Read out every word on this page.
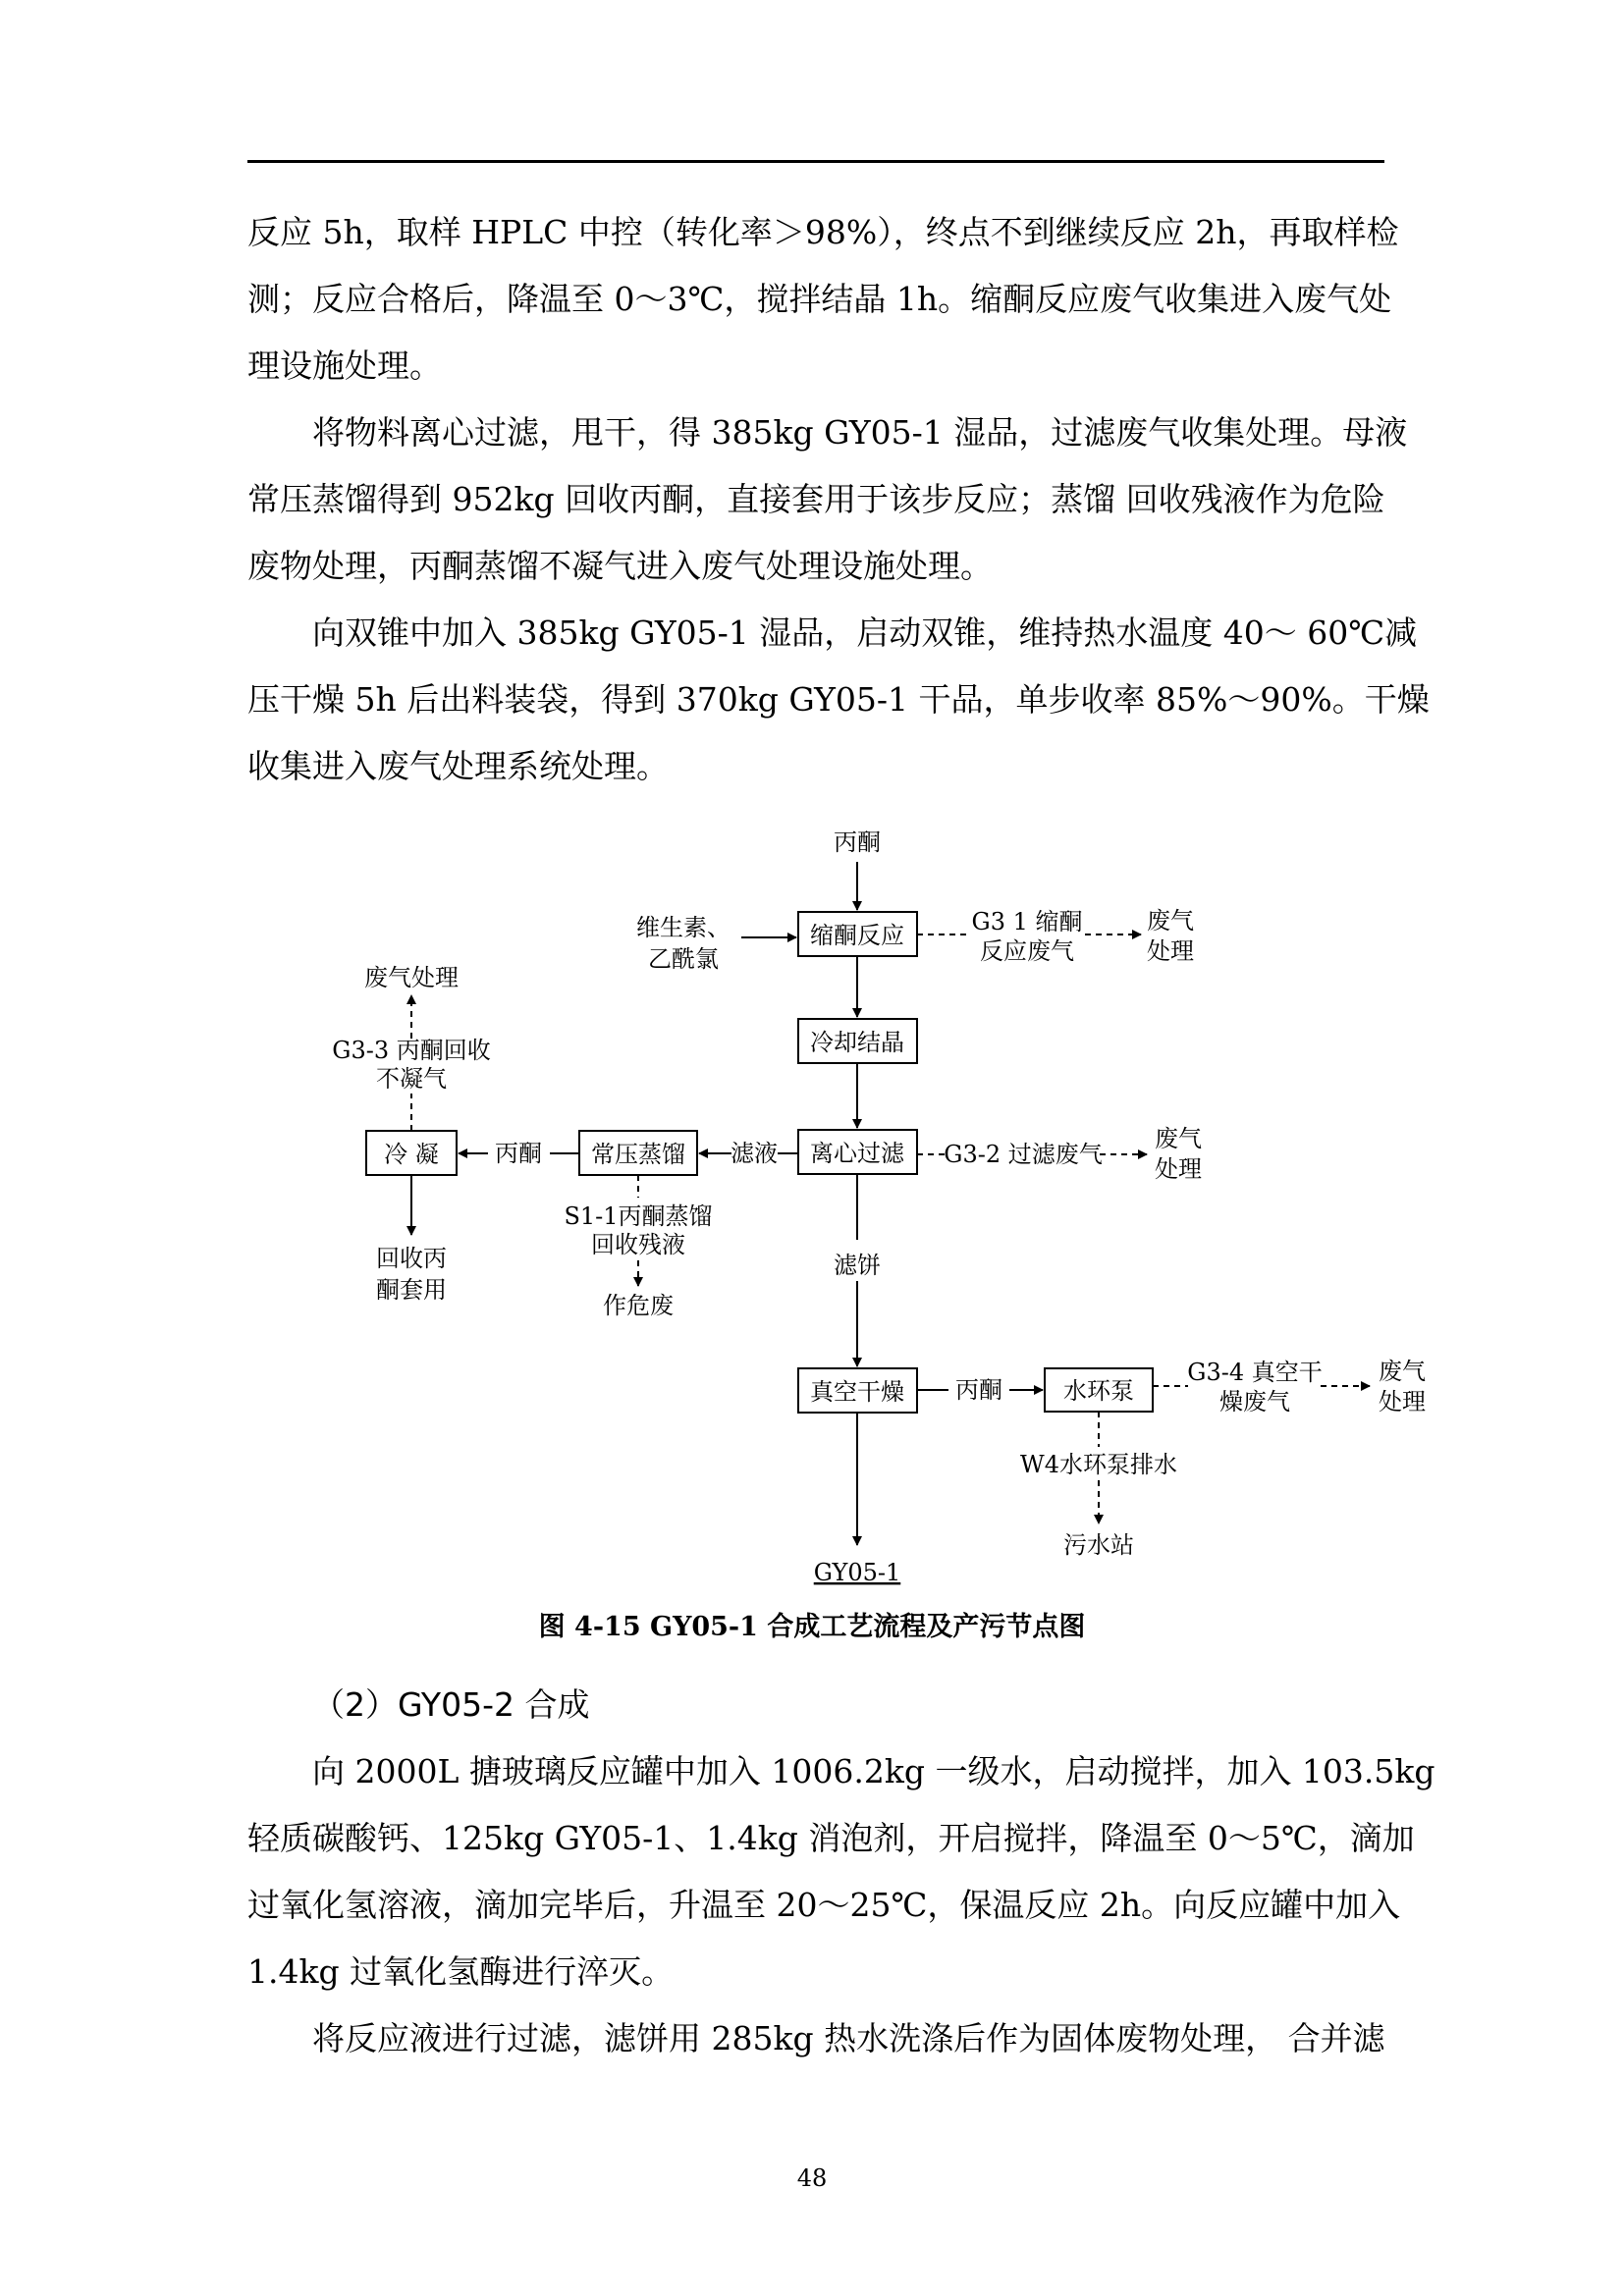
反应 5h，取样 HPLC 中控（转化率＞98%），终点不到继续反应 2h，再取样检
测；反应合格后，降温至 0～3℃，搅拌结晶 1h。缩酮反应废气收集进入废气处
理设施处理。

将物料离心过滤，甩干，得 385kg GY05-1 湿品，过滤废气收集处理。母液
常压蒸馏得到 952kg 回收丙酮，直接套用于该步反应；蒸馏 回收残液作为危险
废物处理，丙酮蒸馏不凝气进入废气处理设施处理。

向双锥中加入 385kg GY05-1 湿品，启动双锥，维持热水温度 40～ 60℃减
压干燥 5h 后出料装袋，得到 370kg GY05-1 干品，单步收率 85%～90%。干燥
收集进入废气处理系统处理。

丙酮
维生素、
乙酰氯
缩酮反应	G3 1 缩酮
反应废气
废气
处理
冷却结晶
离心过滤 G3-2 过滤废气
废气
处理
滤液
常压蒸馏
丙酮
冷 凝
G3-3 丙酮回收
不凝气
废气处理
回收丙
酮套用
S1-1丙酮蒸馏
回收残液
作危废
滤饼
真空干燥 丙酮	水环泵
G3-4 真空干
燥废气
废气
处理
W4水环泵排水
污水站
GY05-1
图 4-15 GY05-1 合成工艺流程及产污节点图
（2）GY05-2 合成

向 2000L 搪玻璃反应罐中加入 1006.2kg 一级水，启动搅拌，加入 103.5kg
轻质碳酸钙、125kg GY05-1、1.4kg 消泡剂，开启搅拌，降温至 0～5℃，滴加
过氧化氢溶液，滴加完毕后，升温至 20～25℃，保温反应 2h。向反应罐中加入
1.4kg 过氧化氢酶进行淬灭。

将反应液进行过滤，滤饼用 285kg 热水洗涤后作为固体废物处理， 合并滤

48
